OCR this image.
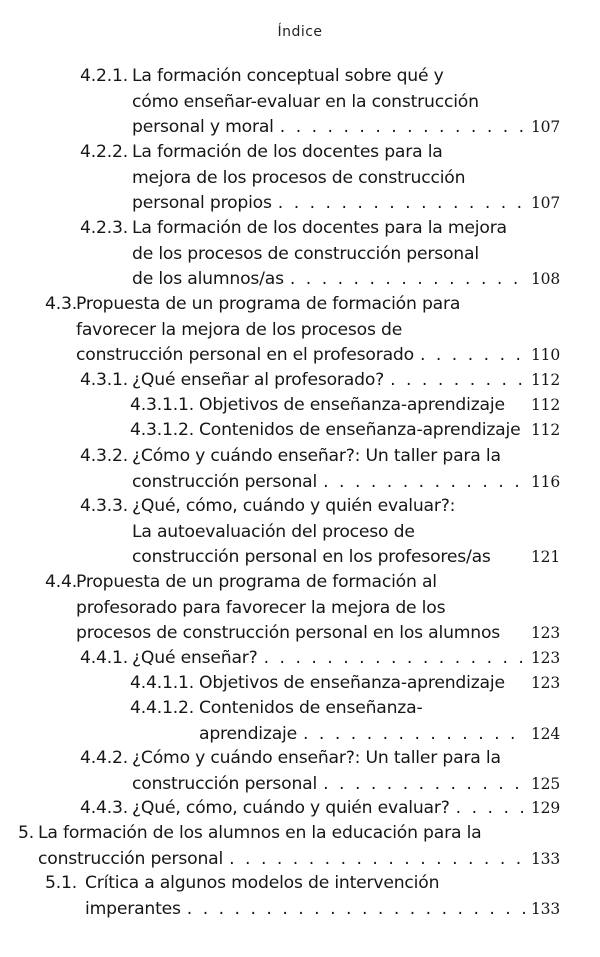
Índice
4.2.1. La formación conceptual sobre qué y
cómo enseñar-evaluar en la construcción
personal y moral . . .	107
4.2.2. La formación de los docentes para la
mejora de los procesos de construcción
personal propios . . .	107
4.2.3. La formación de los docentes para la mejora
de los procesos de construcción personal
de los alumnos/as . . .	108
4.3. Propuesta de un programa de formación para
favorecer la mejora de los procesos de
construcción personal en el profesorado . . .	110
4.3.1. ¿Qué enseñar al profesorado? . . .	112
4.3.1.1. Objetivos de enseñanza-aprendizaje 112
4.3.1.2. Contenidos de enseñanza-aprendizaje 112
4.3.2. ¿Cómo y cuándo enseñar?: Un taller para la
construcción personal . . .	116
4.3.3. ¿Qué, cómo, cuándo y quién evaluar?:
La autoevaluación del proceso de
construcción personal en los profesores/as	121
4.4. Propuesta de un programa de formación al
profesorado para favorecer la mejora de los
procesos de construcción personal en los alumnos 123
4.4.1. ¿Qué enseñar? . . .	123
4.4.1.1. Objetivos de enseñanza-aprendizaje 123
4.4.1.2. Contenidos de enseñanza-
aprendizaje . . .	124
4.4.2. ¿Cómo y cuándo enseñar?: Un taller para la
construcción personal . . .	125
4.4.3. ¿Qué, cómo, cuándo y quién evaluar? . . .	129
5. La formación de los alumnos en la educación para la
construcción personal . . .	133
5.1. Crítica a algunos modelos de intervención
imperantes . . .	133
